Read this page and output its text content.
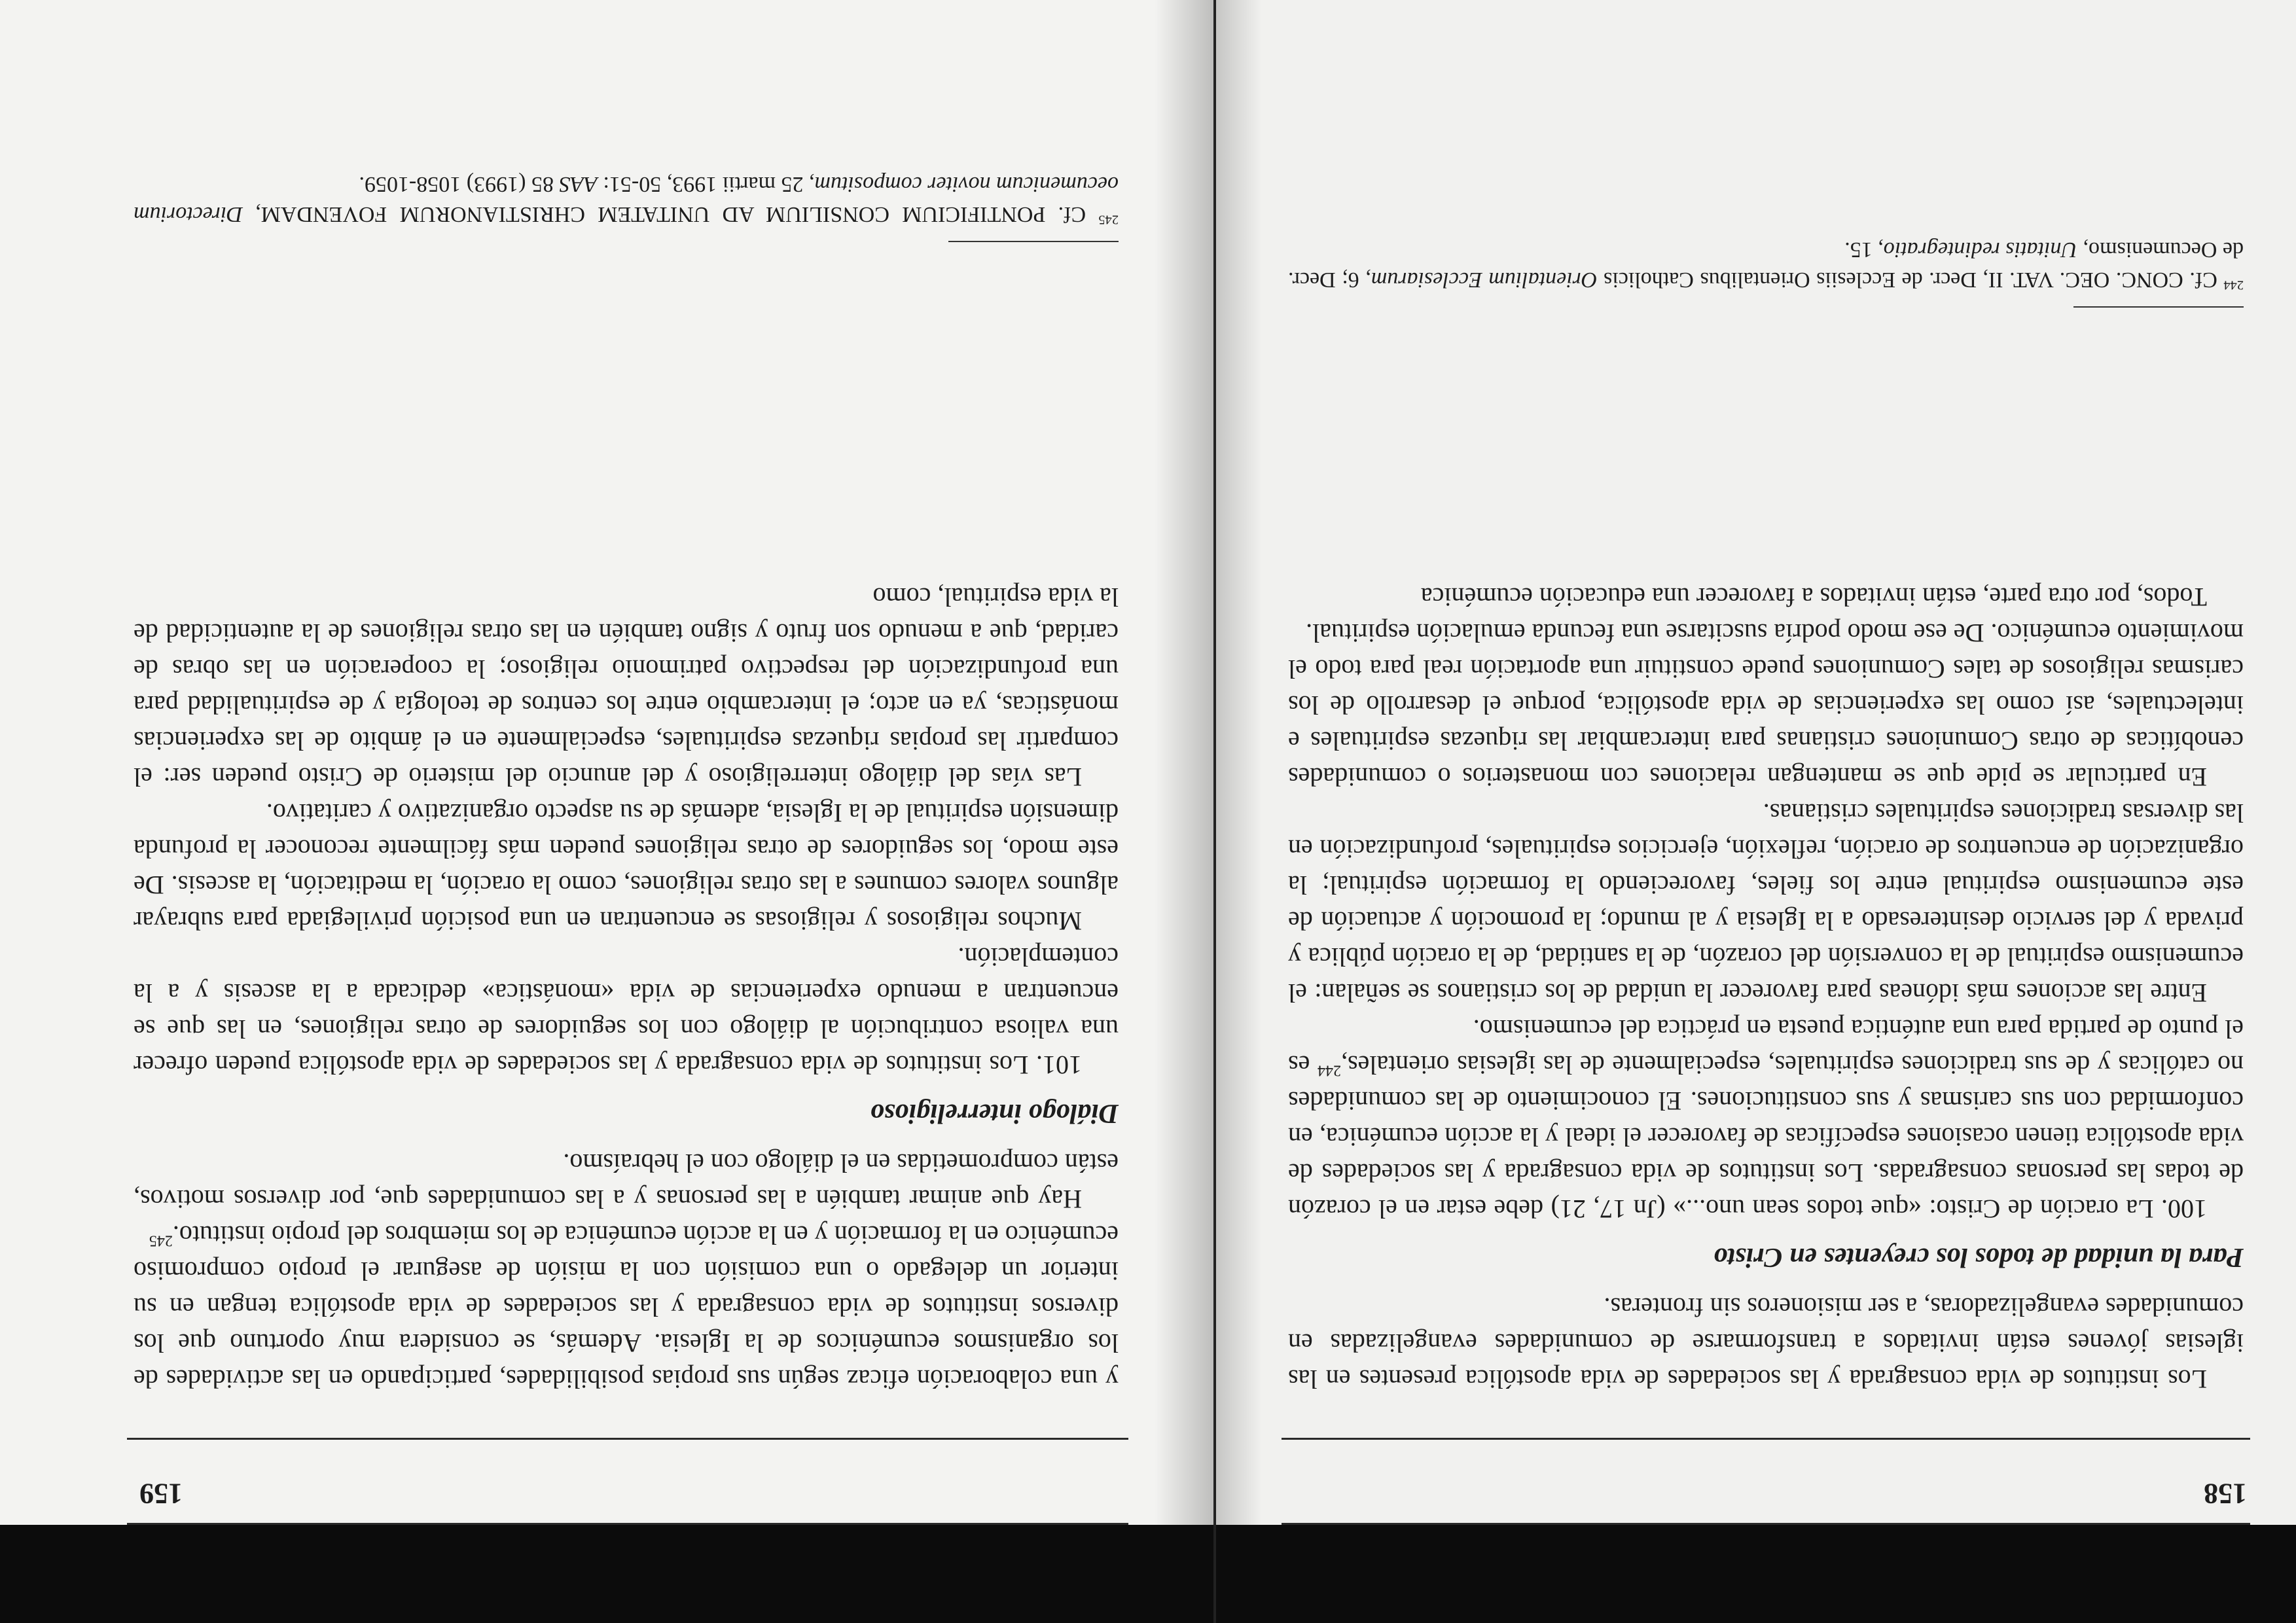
158

Los institutos de vida consagrada y las sociedades de vida apostólica presentes en las iglesias jóvenes están invitados a transformarse de comunidades evangelizadas en comunidades evangelizadoras, a ser misioneros sin fronteras.

Para la unidad de todos los creyentes en Cristo

100. La oración de Cristo: «que todos sean uno...» (Jn 17, 21) debe estar en el corazón de todas las personas consagradas. Los institutos de vida consagrada y las sociedades de vida apostólica tienen ocasiones específicas de favorecer el ideal y la acción ecuménica, en conformidad con sus carismas y sus constituciones. El conocimiento de las comunidades no católicas y de sus tradiciones espirituales, especialmente de las iglesias orientales,$^{244}$ es el punto de partida para una auténtica puesta en práctica del ecumenismo.

Entre las acciones más idóneas para favorecer la unidad de los cristianos se señalan: el ecumenismo espiritual de la conversión del corazón, de la santidad, de la oración pública y privada y del servicio desinteresado a la Iglesia y al mundo; la promoción y actuación de este ecumenismo espiritual entre los fieles, favoreciendo la formación espiritual; la organización de encuentros de oración, reflexión, ejercicios espirituales, profundización en las diversas tradiciones espirituales cristianas.

En particular se pide que se mantengan relaciones con monasterios o comunidades cenobíticas de otras Comuniones cristianas para intercambiar las riquezas espirituales e intelectuales, así como las experiencias de vida apostólica, porque el desarrollo de los carismas religiosos de tales Comuniones puede constituir una aportación real para todo el movimiento ecuménico. De ese modo podría suscitarse una fecunda emulación espiritual.

Todos, por otra parte, están invitados a favorecer una educación ecuménica

$^{244}$ Cf. CONC. OEC. VAT. II, Decr. de Ecclesiis Orientalibus Catholicis Orientalium Ecclesiarum, 6; Decr. de Oecumenismo, Unitatis redintegratio, 15.
159

y una colaboración eficaz según sus propias posibilidades, participando en las actividades de los organismos ecuménicos de la Iglesia. Además, se considera muy oportuno que los diversos institutos de vida consagrada y las sociedades de vida apostólica tengan en su interior un delegado o una comisión con la misión de asegurar el propio compromiso ecuménico en la formación y en la acción ecuménica de los miembros del propio instituto.$^{245}$

Hay que animar también a las personas y a las comunidades que, por diversos motivos, están comprometidas en el diálogo con el hebraísmo.

Diálogo interreligioso

101. Los institutos de vida consagrada y las sociedades de vida apostólica pueden ofrecer una valiosa contribución al diálogo con los seguidores de otras religiones, en las que se encuentran a menudo experiencias de vida «monástica» dedicada a la ascesis y a la contemplación.

Muchos religiosos y religiosas se encuentran en una posición privilegiada para subrayar algunos valores comunes a las otras religiones, como la oración, la meditación, la ascesis. De este modo, los seguidores de otras religiones pueden más fácilmente reconocer la profunda dimensión espiritual de la Iglesia, además de su aspecto organizativo y caritativo.

Las vías del diálogo interreligioso y del anuncio del misterio de Cristo pueden ser: el compartir las propias riquezas espirituales, especialmente en el ámbito de las experiencias monásticas, ya en acto; el intercambio entre los centros de teología y de espiritualidad para una profundización del respectivo patrimonio religioso; la cooperación en las obras de caridad, que a menudo son fruto y signo también en las otras religiones de la autenticidad de la vida espiritual, como

$^{245}$ Cf. PONTIFICIUM CONSILIUM AD UNITATEM CHRISTIANORUM FOVENDAM, Directorium oecumenicum noviter compositum, 25 martii 1993, 50-51: AAS 85 (1993) 1058-1059.
